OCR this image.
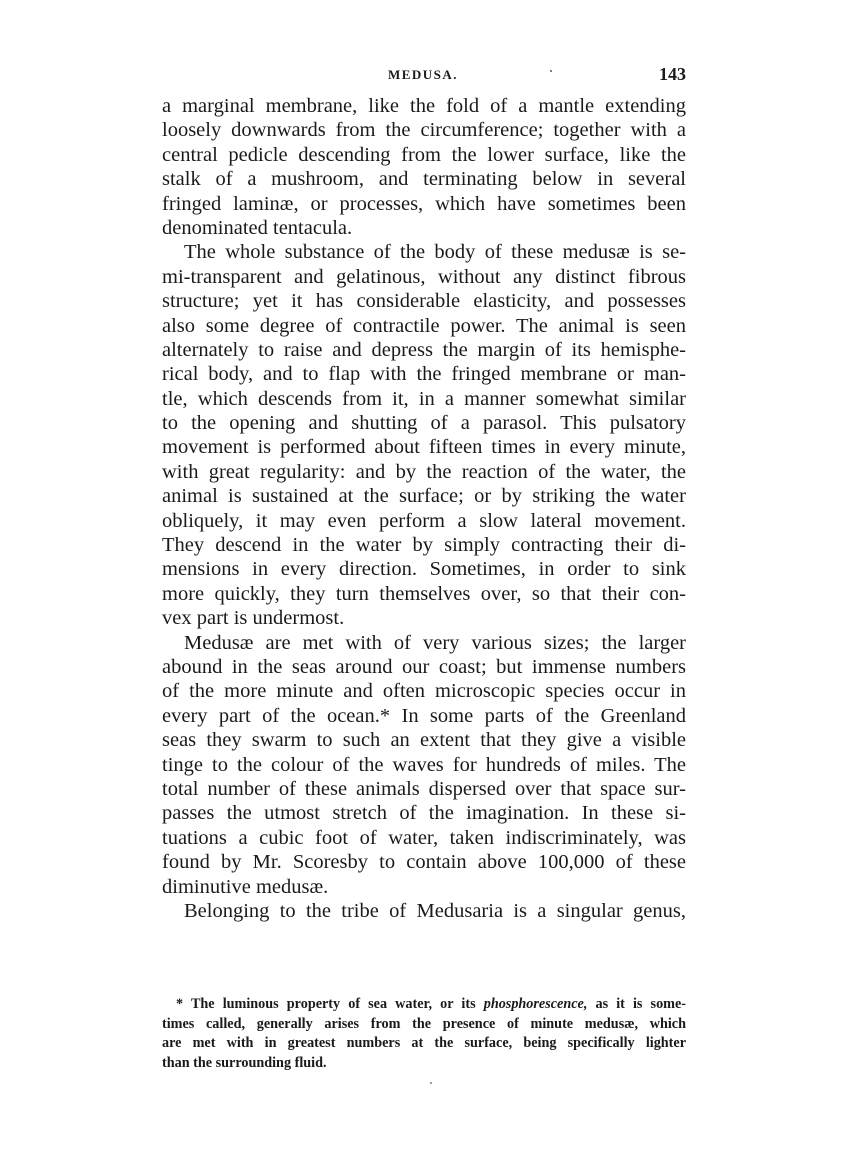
MEDUSA.	143
a marginal membrane, like the fold of a mantle extending
loosely downwards from the circumference; together with a
central pedicle descending from the lower surface, like the
stalk of a mushroom, and terminating below in several
fringed laminæ, or processes, which have sometimes been
denominated tentacula.
The whole substance of the body of these medusæ is se-
mi-transparent and gelatinous, without any distinct fibrous
structure; yet it has considerable elasticity, and possesses
also some degree of contractile power. The animal is seen
alternately to raise and depress the margin of its hemisphe-
rical body, and to flap with the fringed membrane or man-
tle, which descends from it, in a manner somewhat similar
to the opening and shutting of a parasol. This pulsatory
movement is performed about fifteen times in every minute,
with great regularity: and by the reaction of the water, the
animal is sustained at the surface; or by striking the water
obliquely, it may even perform a slow lateral movement.
They descend in the water by simply contracting their di-
mensions in every direction. Sometimes, in order to sink
more quickly, they turn themselves over, so that their con-
vex part is undermost.
Medusæ are met with of very various sizes; the larger
abound in the seas around our coast; but immense numbers
of the more minute and often microscopic species occur in
every part of the ocean.* In some parts of the Greenland
seas they swarm to such an extent that they give a visible
tinge to the colour of the waves for hundreds of miles. The
total number of these animals dispersed over that space sur-
passes the utmost stretch of the imagination. In these si-
tuations a cubic foot of water, taken indiscriminately, was
found by Mr. Scoresby to contain above 100,000 of these
diminutive medusæ.
Belonging to the tribe of Medusaria is a singular genus,
* The luminous property of sea water, or its phosphorescence, as it is some-
times called, generally arises from the presence of minute medusæ, which
are met with in greatest numbers at the surface, being specifically lighter
than the surrounding fluid.
